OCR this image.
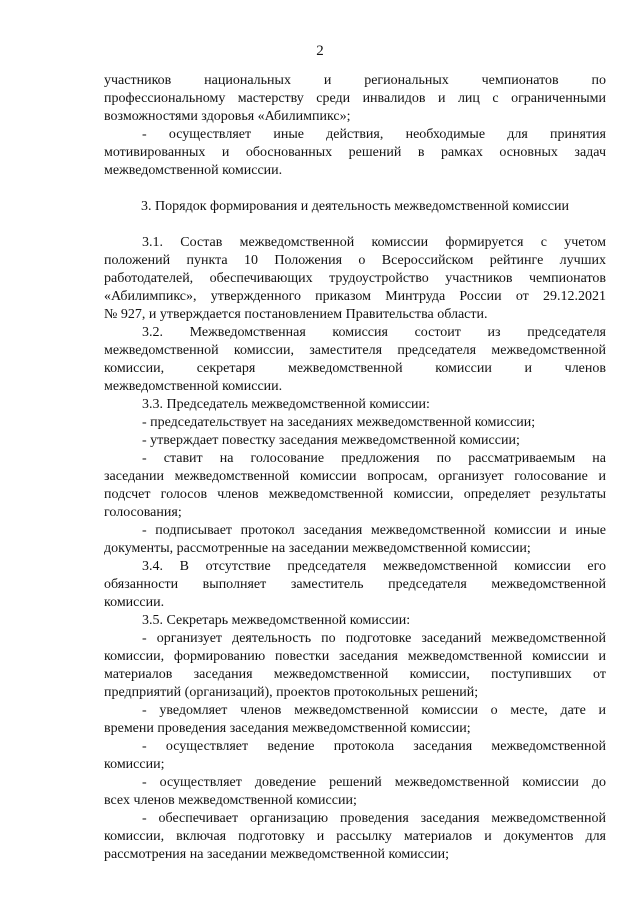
2
участников национальных и региональных чемпионатов по
профессиональному мастерству среди инвалидов и лиц с ограниченными
возможностями здоровья «Абилимпикс»;
- осуществляет иные действия, необходимые для принятия
мотивированных и обоснованных решений в рамках основных задач
межведомственной комиссии.
3. Порядок формирования и деятельность межведомственной комиссии
3.1. Состав межведомственной комиссии формируется с учетом
положений пункта 10 Положения о Всероссийском рейтинге лучших
работодателей, обеспечивающих трудоустройство участников чемпионатов
«Абилимпикс», утвержденного приказом Минтруда России от 29.12.2021
№ 927, и утверждается постановлением Правительства области.
3.2. Межведомственная комиссия состоит из председателя
межведомственной комиссии, заместителя председателя межведомственной
комиссии, секретаря межведомственной комиссии и членов
межведомственной комиссии.
3.3. Председатель межведомственной комиссии:
- председательствует на заседаниях межведомственной комиссии;
- утверждает повестку заседания межведомственной комиссии;
- ставит на голосование предложения по рассматриваемым на
заседании межведомственной комиссии вопросам, организует голосование и
подсчет голосов членов межведомственной комиссии, определяет результаты
голосования;
- подписывает протокол заседания межведомственной комиссии и иные
документы, рассмотренные на заседании межведомственной комиссии;
3.4. В отсутствие председателя межведомственной комиссии его
обязанности выполняет заместитель председателя межведомственной
комиссии.
3.5. Секретарь межведомственной комиссии:
- организует деятельность по подготовке заседаний межведомственной
комиссии, формированию повестки заседания межведомственной комиссии и
материалов заседания межведомственной комиссии, поступивших от
предприятий (организаций), проектов протокольных решений;
- уведомляет членов межведомственной комиссии о месте, дате и
времени проведения заседания межведомственной комиссии;
- осуществляет ведение протокола заседания межведомственной
комиссии;
- осуществляет доведение решений межведомственной комиссии до
всех членов межведомственной комиссии;
- обеспечивает организацию проведения заседания межведомственной
комиссии, включая подготовку и рассылку материалов и документов для
рассмотрения на заседании межведомственной комиссии;
